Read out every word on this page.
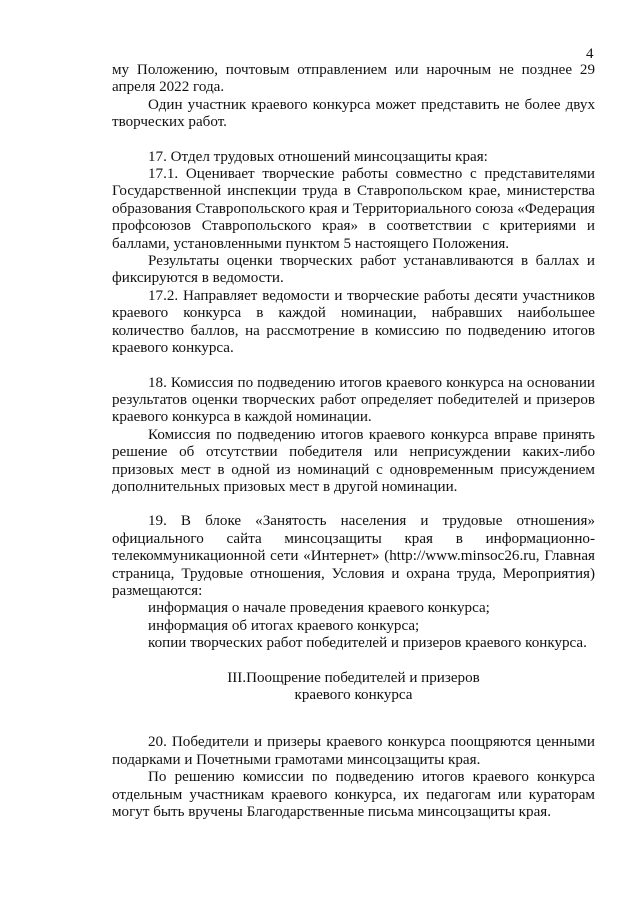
4

му Положению, почтовым отправлением или нарочным не позднее 29 апреля 2022 года.

Один участник краевого конкурса может представить не более двух творческих работ.

17. Отдел трудовых отношений минсоцзащиты края:

17.1. Оценивает творческие работы совместно с представителями Государственной инспекции труда в Ставропольском крае, министерства образования Ставропольского края и Территориального союза «Федерация профсоюзов Ставропольского края» в соответствии с критериями и баллами, установленными пунктом 5 настоящего Положения.

Результаты оценки творческих работ устанавливаются в баллах и фиксируются в ведомости.

17.2. Направляет ведомости и творческие работы десяти участников краевого конкурса в каждой номинации, набравших наибольшее количество баллов, на рассмотрение в комиссию по подведению итогов краевого конкурса.

18. Комиссия по подведению итогов краевого конкурса на основании результатов оценки творческих работ определяет победителей и призеров краевого конкурса в каждой номинации.

Комиссия по подведению итогов краевого конкурса вправе принять решение об отсутствии победителя или неприсуждении каких-либо призовых мест в одной из номинаций с одновременным присуждением дополнительных призовых мест в другой номинации.

19. В блоке «Занятость населения и трудовые отношения» официального сайта минсоцзащиты края в информационно-телекоммуникационной сети «Интернет» (http://www.minsoc26.ru, Главная страница, Трудовые отношения, Условия и охрана труда, Мероприятия) размещаются:

информация о начале проведения краевого конкурса;

информация об итогах краевого конкурса;

копии творческих работ победителей и призеров краевого конкурса.

III.Поощрение победителей и призеров
краевого конкурса

20. Победители и призеры краевого конкурса поощряются ценными подарками и Почетными грамотами минсоцзащиты края.

По решению комиссии по подведению итогов краевого конкурса отдельным участникам краевого конкурса, их педагогам или кураторам могут быть вручены Благодарственные письма минсоцзащиты края.
